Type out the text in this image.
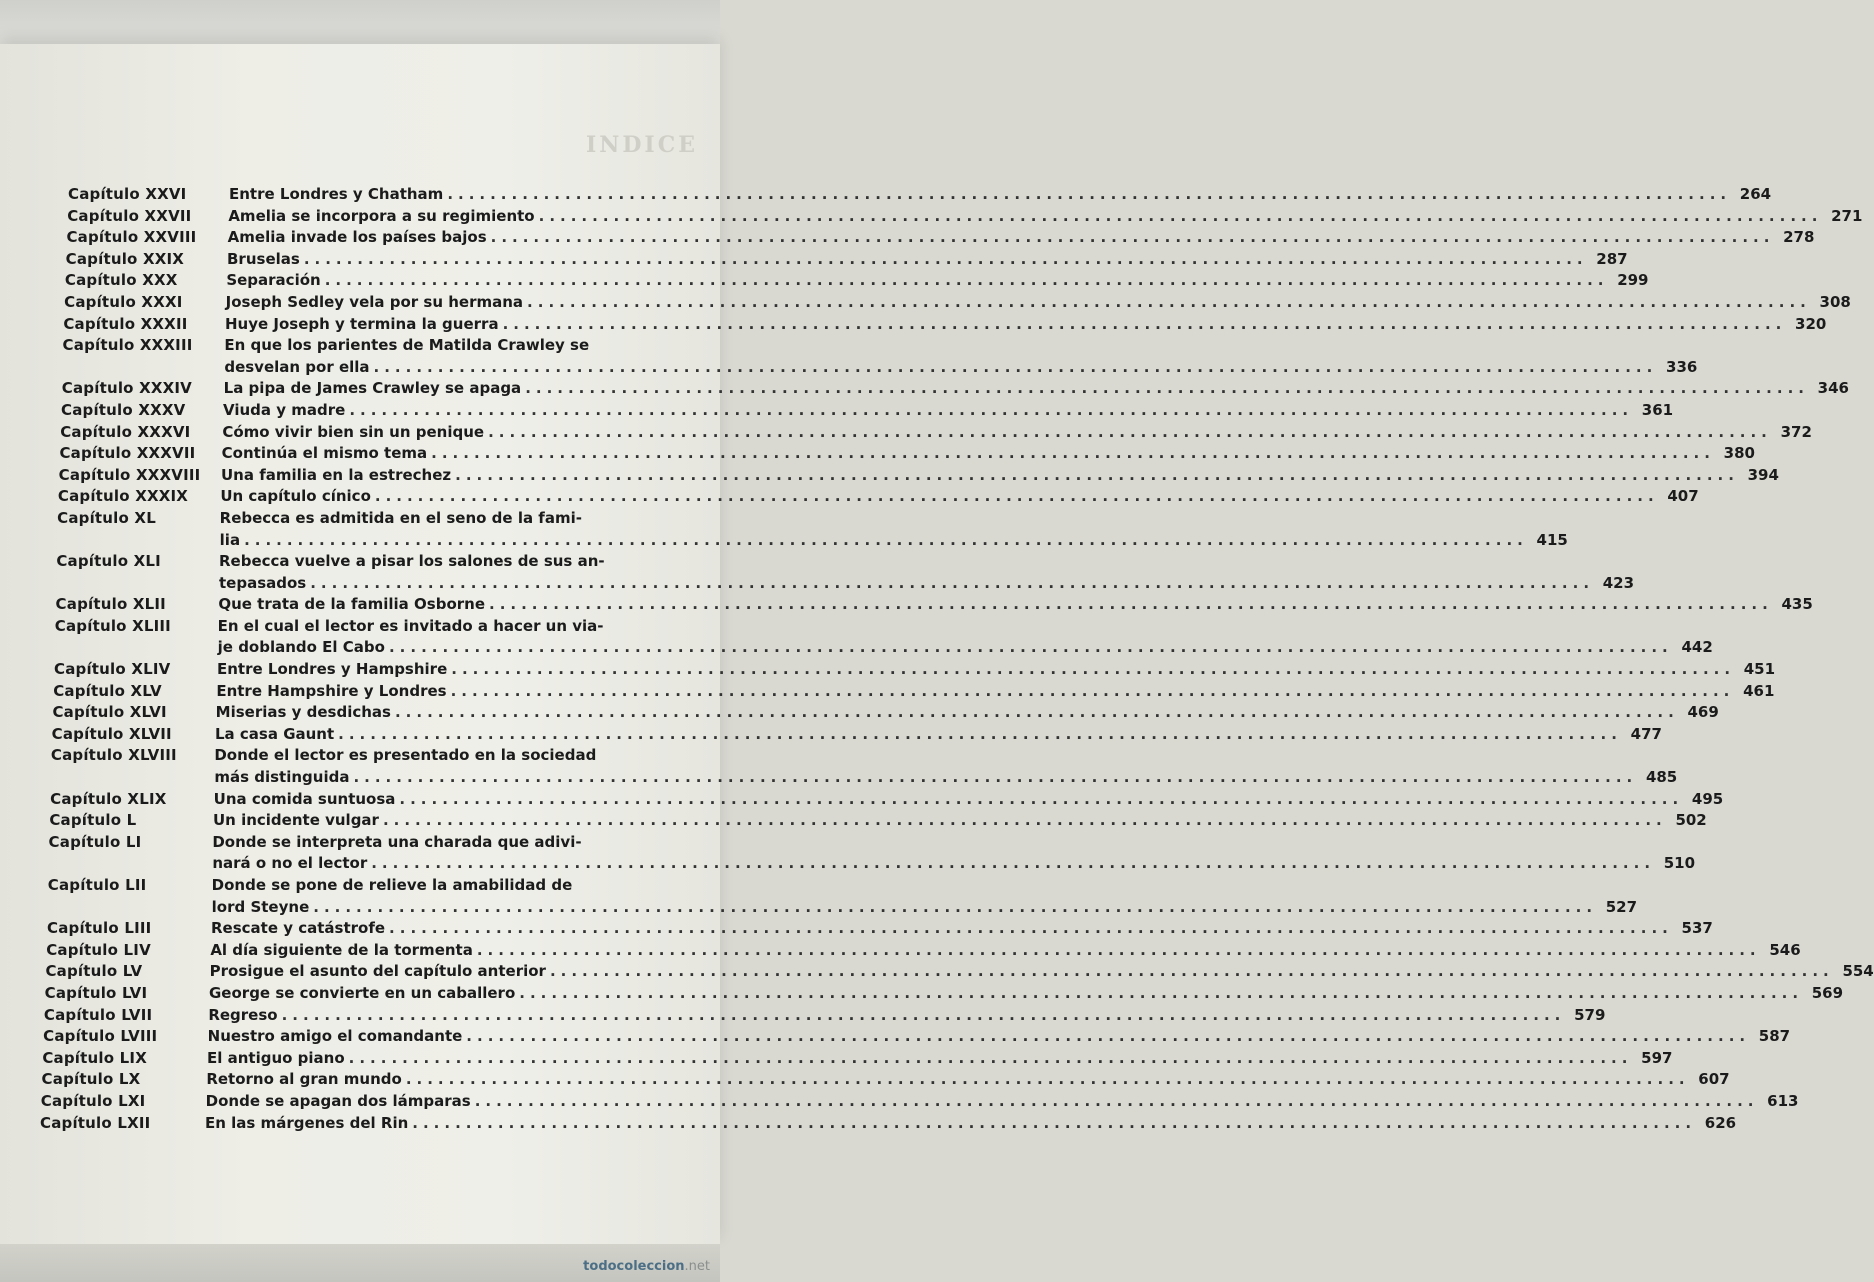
INDICE
Capítulo XXVI	Entre Londres y Chatham ........................................................................................................................ 264
Capítulo XXVII Amelia se incorpora a su regimiento ........................................................................................................................ 271
Capítulo XXVIII Amelia invade los países bajos ........................................................................................................................ 278
Capítulo XXIX	Bruselas ........................................................................................................................ 287
Capítulo XXX	Separación ........................................................................................................................ 299
Capítulo XXXI	Joseph Sedley vela por su hermana ........................................................................................................................ 308
Capítulo XXXII Huye Joseph y termina la guerra ........................................................................................................................ 320
Capítulo XXXIII En que los parientes de Matilda Crawley se
desvelan por ella ........................................................................................................................ 336
Capítulo XXXIV La pipa de James Crawley se apaga ........................................................................................................................ 346
Capítulo XXXV	Viuda y madre ........................................................................................................................ 361
Capítulo XXXVI Cómo vivir bien sin un penique ........................................................................................................................ 372
Capítulo XXXVII Continúa el mismo tema ........................................................................................................................ 380
Capítulo XXXVIII Una familia en la estrechez ........................................................................................................................ 394
Capítulo XXXIX Un capítulo cínico ........................................................................................................................ 407
Capítulo XL	Rebecca es admitida en el seno de la fami-
lia ........................................................................................................................ 415
Capítulo XLI	Rebecca vuelve a pisar los salones de sus an-
tepasados ........................................................................................................................ 423
Capítulo XLII	Que trata de la familia Osborne ........................................................................................................................ 435
Capítulo XLIII	En el cual el lector es invitado a hacer un via-
je doblando El Cabo ........................................................................................................................ 442
Capítulo XLIV	Entre Londres y Hampshire ........................................................................................................................ 451
Capítulo XLV	Entre Hampshire y Londres ........................................................................................................................ 461
Capítulo XLVI	Miserias y desdichas ........................................................................................................................ 469
Capítulo XLVII	La casa Gaunt ........................................................................................................................ 477
Capítulo XLVIII	Donde el lector es presentado en la sociedad
más distinguida ........................................................................................................................ 485
Capítulo XLIX	Una comida suntuosa ........................................................................................................................ 495
Capítulo L	Un incidente vulgar ........................................................................................................................ 502
Capítulo LI	Donde se interpreta una charada que adivi-
nará o no el lector ........................................................................................................................ 510
Capítulo LII	Donde se pone de relieve la amabilidad de
lord Steyne ........................................................................................................................ 527
Capítulo LIII	Rescate y catástrofe ........................................................................................................................ 537
Capítulo LIV	Al día siguiente de la tormenta ........................................................................................................................ 546
Capítulo LV	Prosigue el asunto del capítulo anterior ........................................................................................................................ 554
Capítulo LVI	George se convierte en un caballero ........................................................................................................................ 569
Capítulo LVII	Regreso ........................................................................................................................ 579
Capítulo LVIII	Nuestro amigo el comandante ........................................................................................................................ 587
Capítulo LIX	El antiguo piano ........................................................................................................................ 597
Capítulo LX	Retorno al gran mundo ........................................................................................................................ 607
Capítulo LXI	Donde se apagan dos lámparas ........................................................................................................................ 613
Capítulo LXII	En las márgenes del Rin ........................................................................................................................ 626
todocoleccion.net
